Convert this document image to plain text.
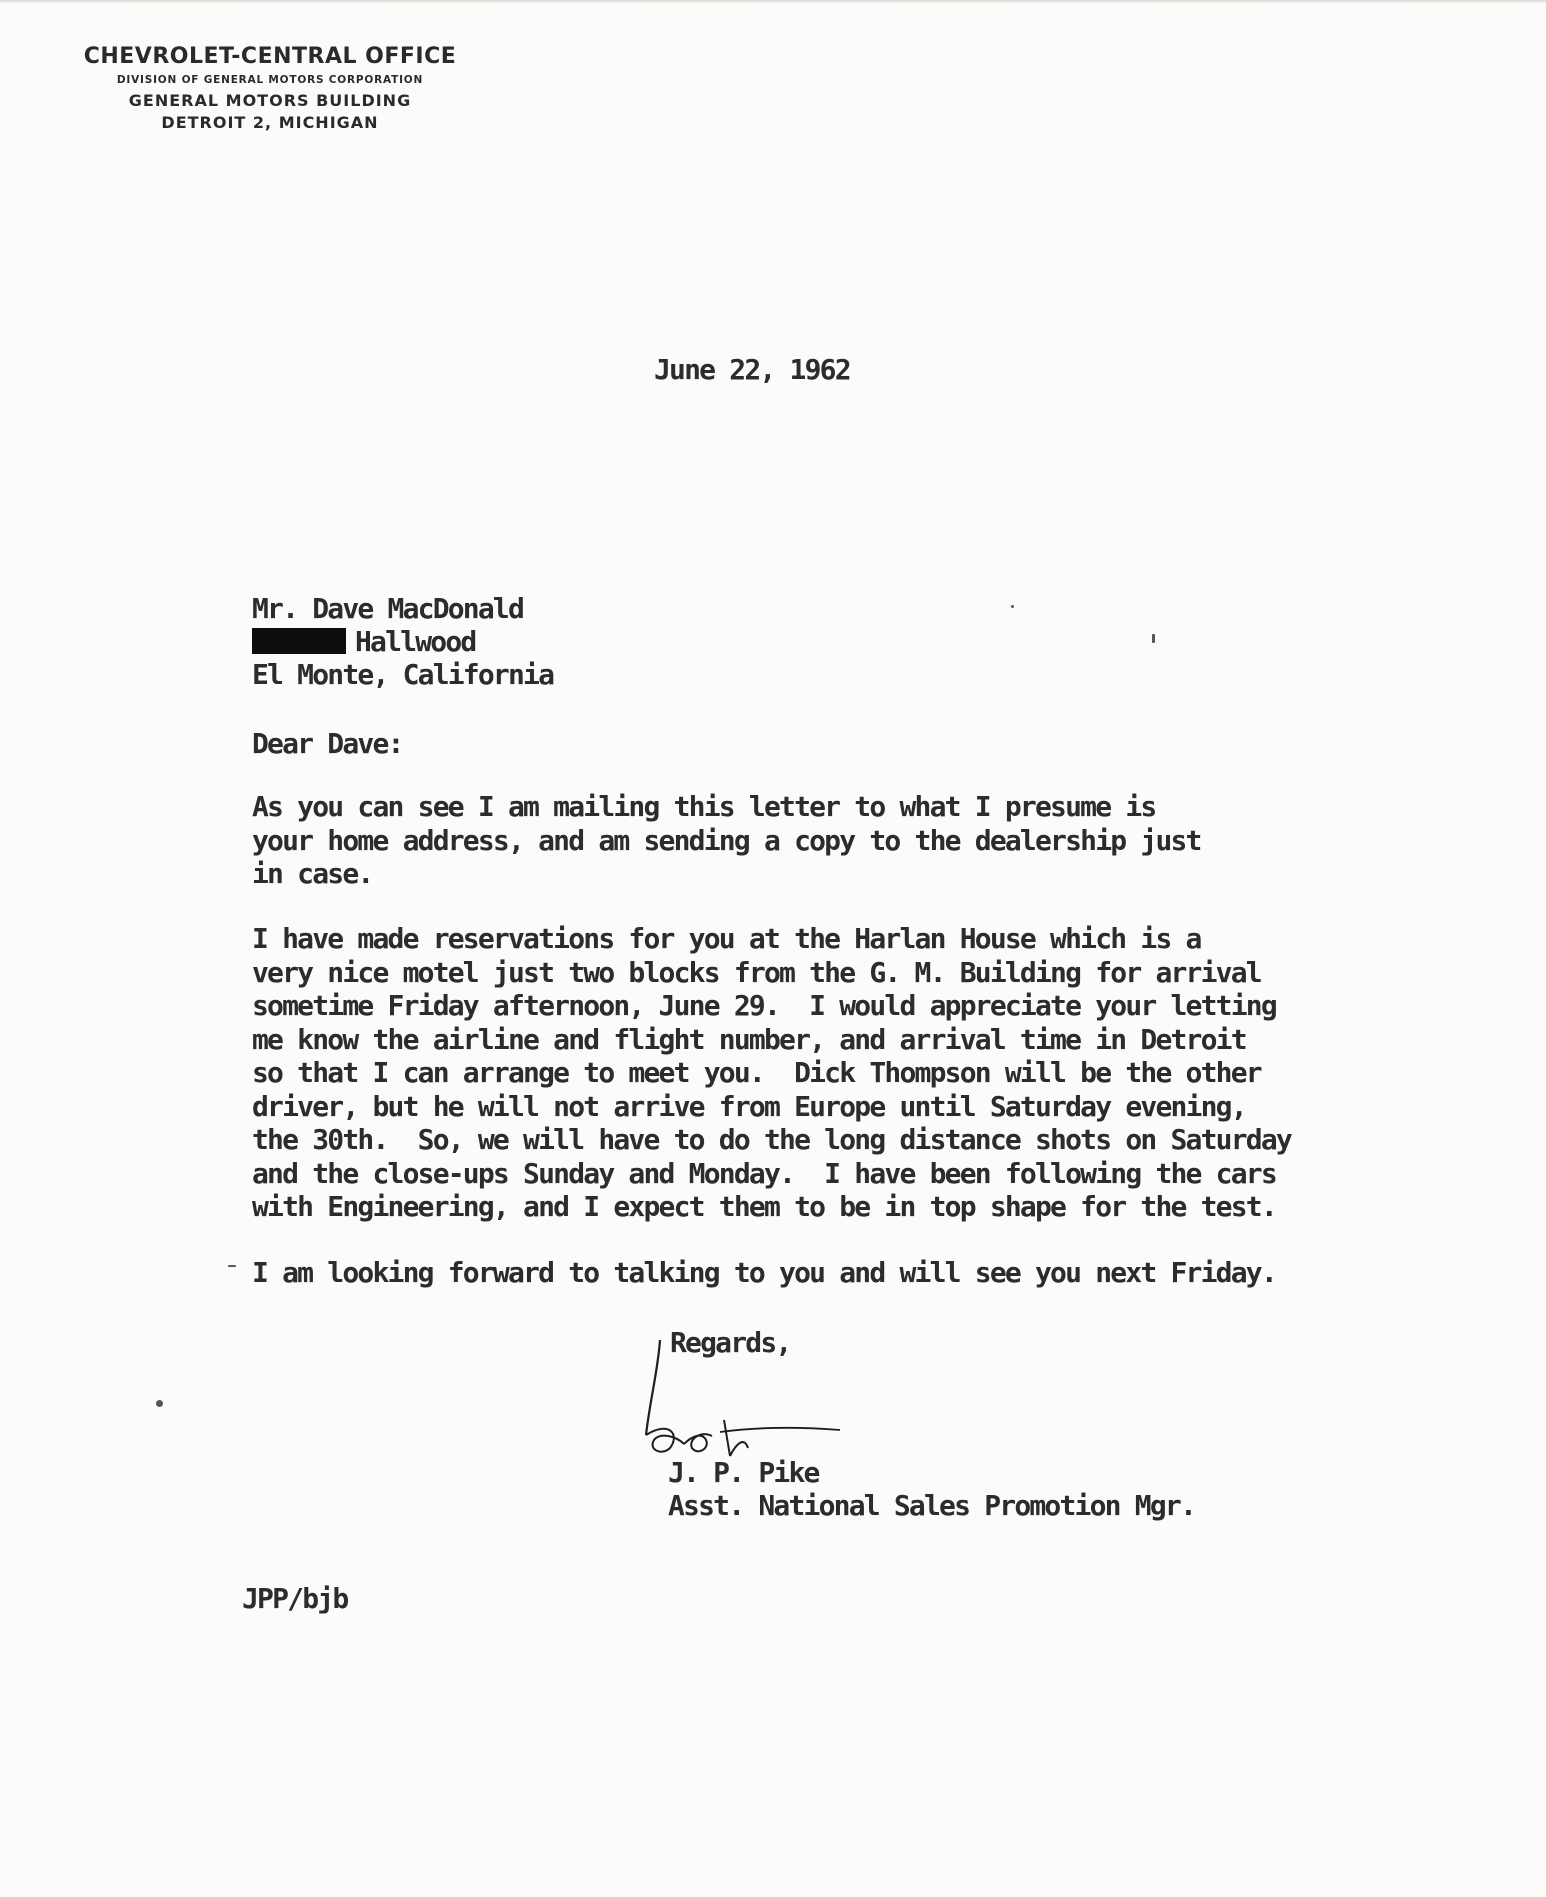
CHEVROLET-CENTRAL OFFICE
DIVISION OF GENERAL MOTORS CORPORATION
GENERAL MOTORS BUILDING
DETROIT 2, MICHIGAN
June 22, 1962
Mr. Dave MacDonald
Hallwood
El Monte, California
Dear Dave:
As you can see I am mailing this letter to what I presume is
your home address, and am sending a copy to the dealership just
in case.
I have made reservations for you at the Harlan House which is a
very nice motel just two blocks from the G. M. Building for arrival
sometime Friday afternoon, June 29.  I would appreciate your letting
me know the airline and flight number, and arrival time in Detroit
so that I can arrange to meet you.  Dick Thompson will be the other
driver, but he will not arrive from Europe until Saturday evening,
the 30th.  So, we will have to do the long distance shots on Saturday
and the close-ups Sunday and Monday.  I have been following the cars
with Engineering, and I expect them to be in top shape for the test.
I am looking forward to talking to you and will see you next Friday.
Regards,
J. P. Pike
Asst. National Sales Promotion Mgr.
JPP/bjb
